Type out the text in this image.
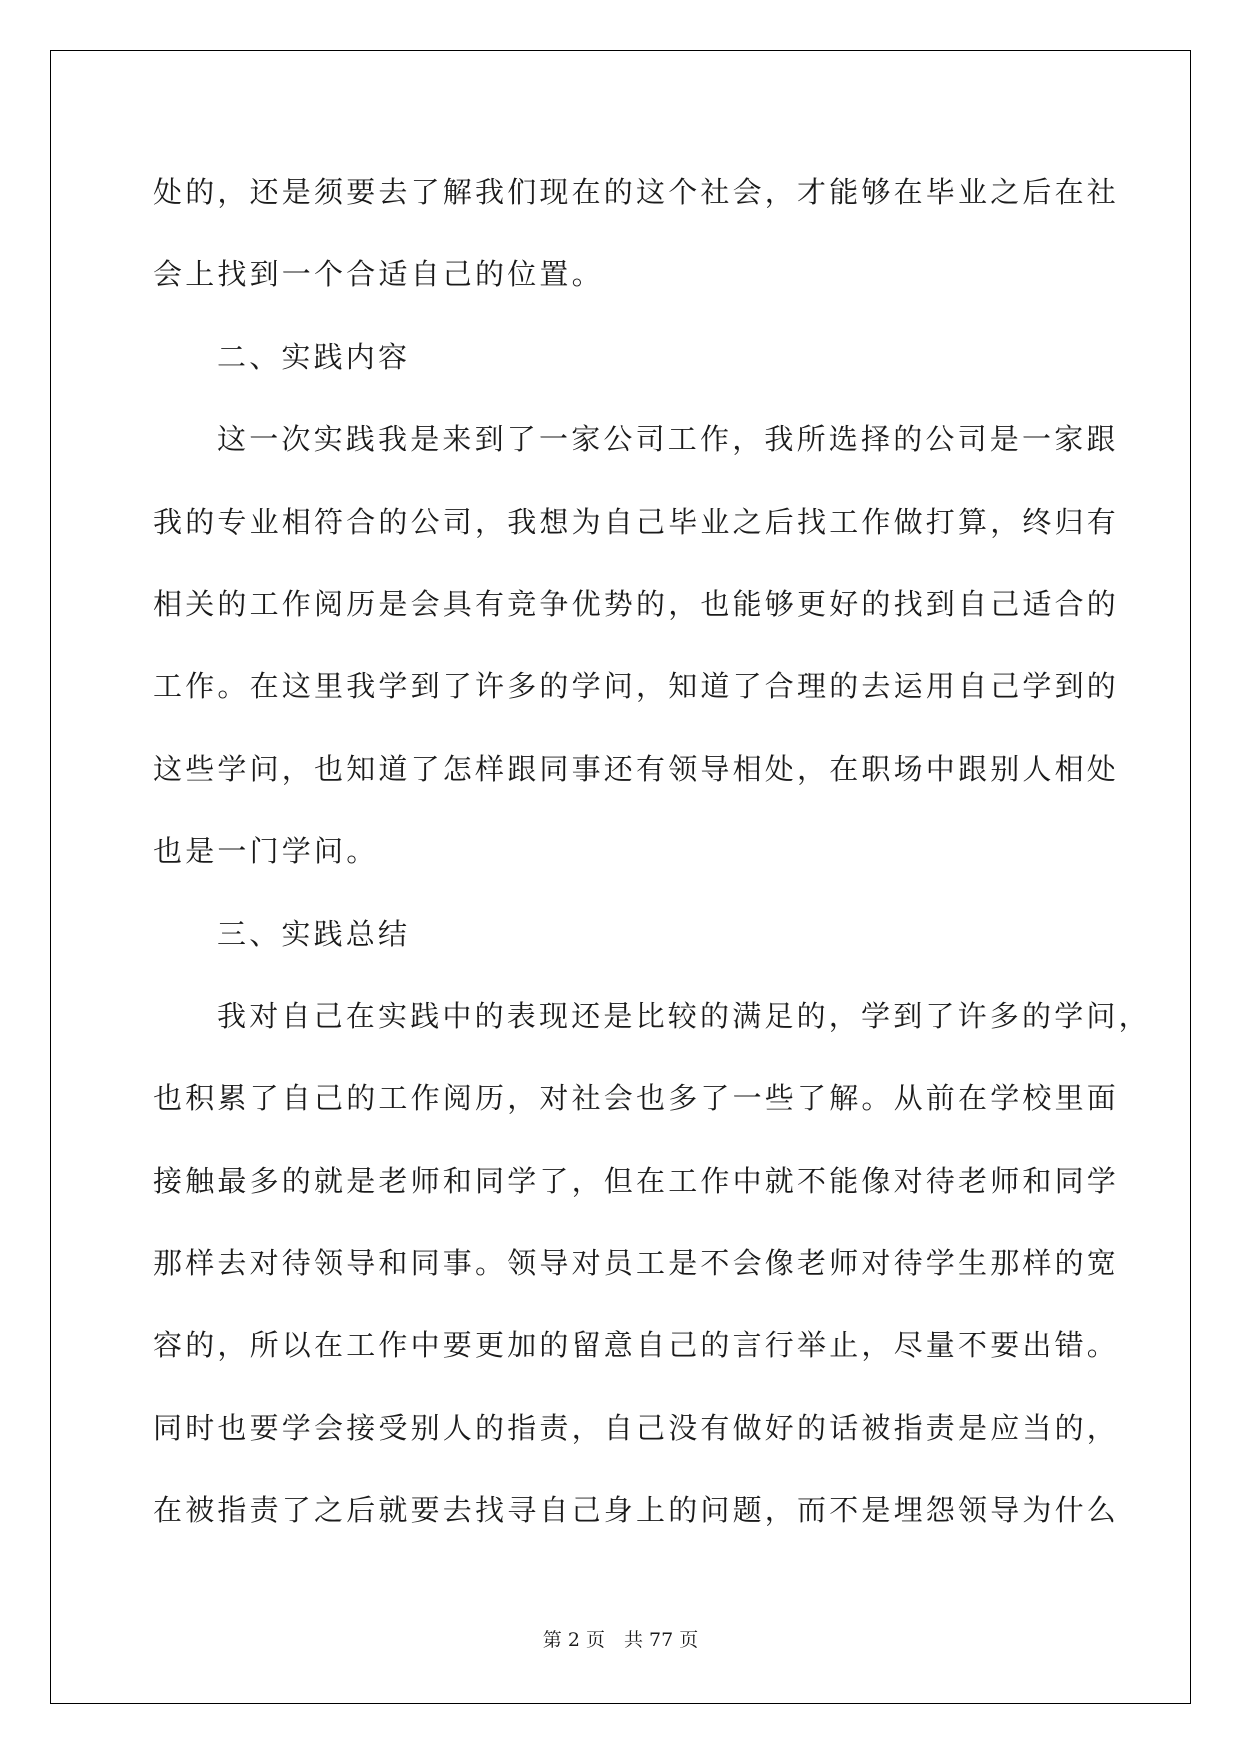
处的，还是须要去了解我们现在的这个社会，才能够在毕业之后在社
会上找到一个合适自己的位置。
二、实践内容
这一次实践我是来到了一家公司工作，我所选择的公司是一家跟
我的专业相符合的公司，我想为自己毕业之后找工作做打算，终归有
相关的工作阅历是会具有竞争优势的，也能够更好的找到自己适合的
工作。在这里我学到了许多的学问，知道了合理的去运用自己学到的
这些学问，也知道了怎样跟同事还有领导相处，在职场中跟别人相处
也是一门学问。
三、实践总结
我对自己在实践中的表现还是比较的满足的，学到了许多的学问，
也积累了自己的工作阅历，对社会也多了一些了解。从前在学校里面
接触最多的就是老师和同学了，但在工作中就不能像对待老师和同学
那样去对待领导和同事。领导对员工是不会像老师对待学生那样的宽
容的，所以在工作中要更加的留意自己的言行举止，尽量不要出错。
同时也要学会接受别人的指责，自己没有做好的话被指责是应当的，
在被指责了之后就要去找寻自己身上的问题，而不是埋怨领导为什么
第 2 页　共 77 页
